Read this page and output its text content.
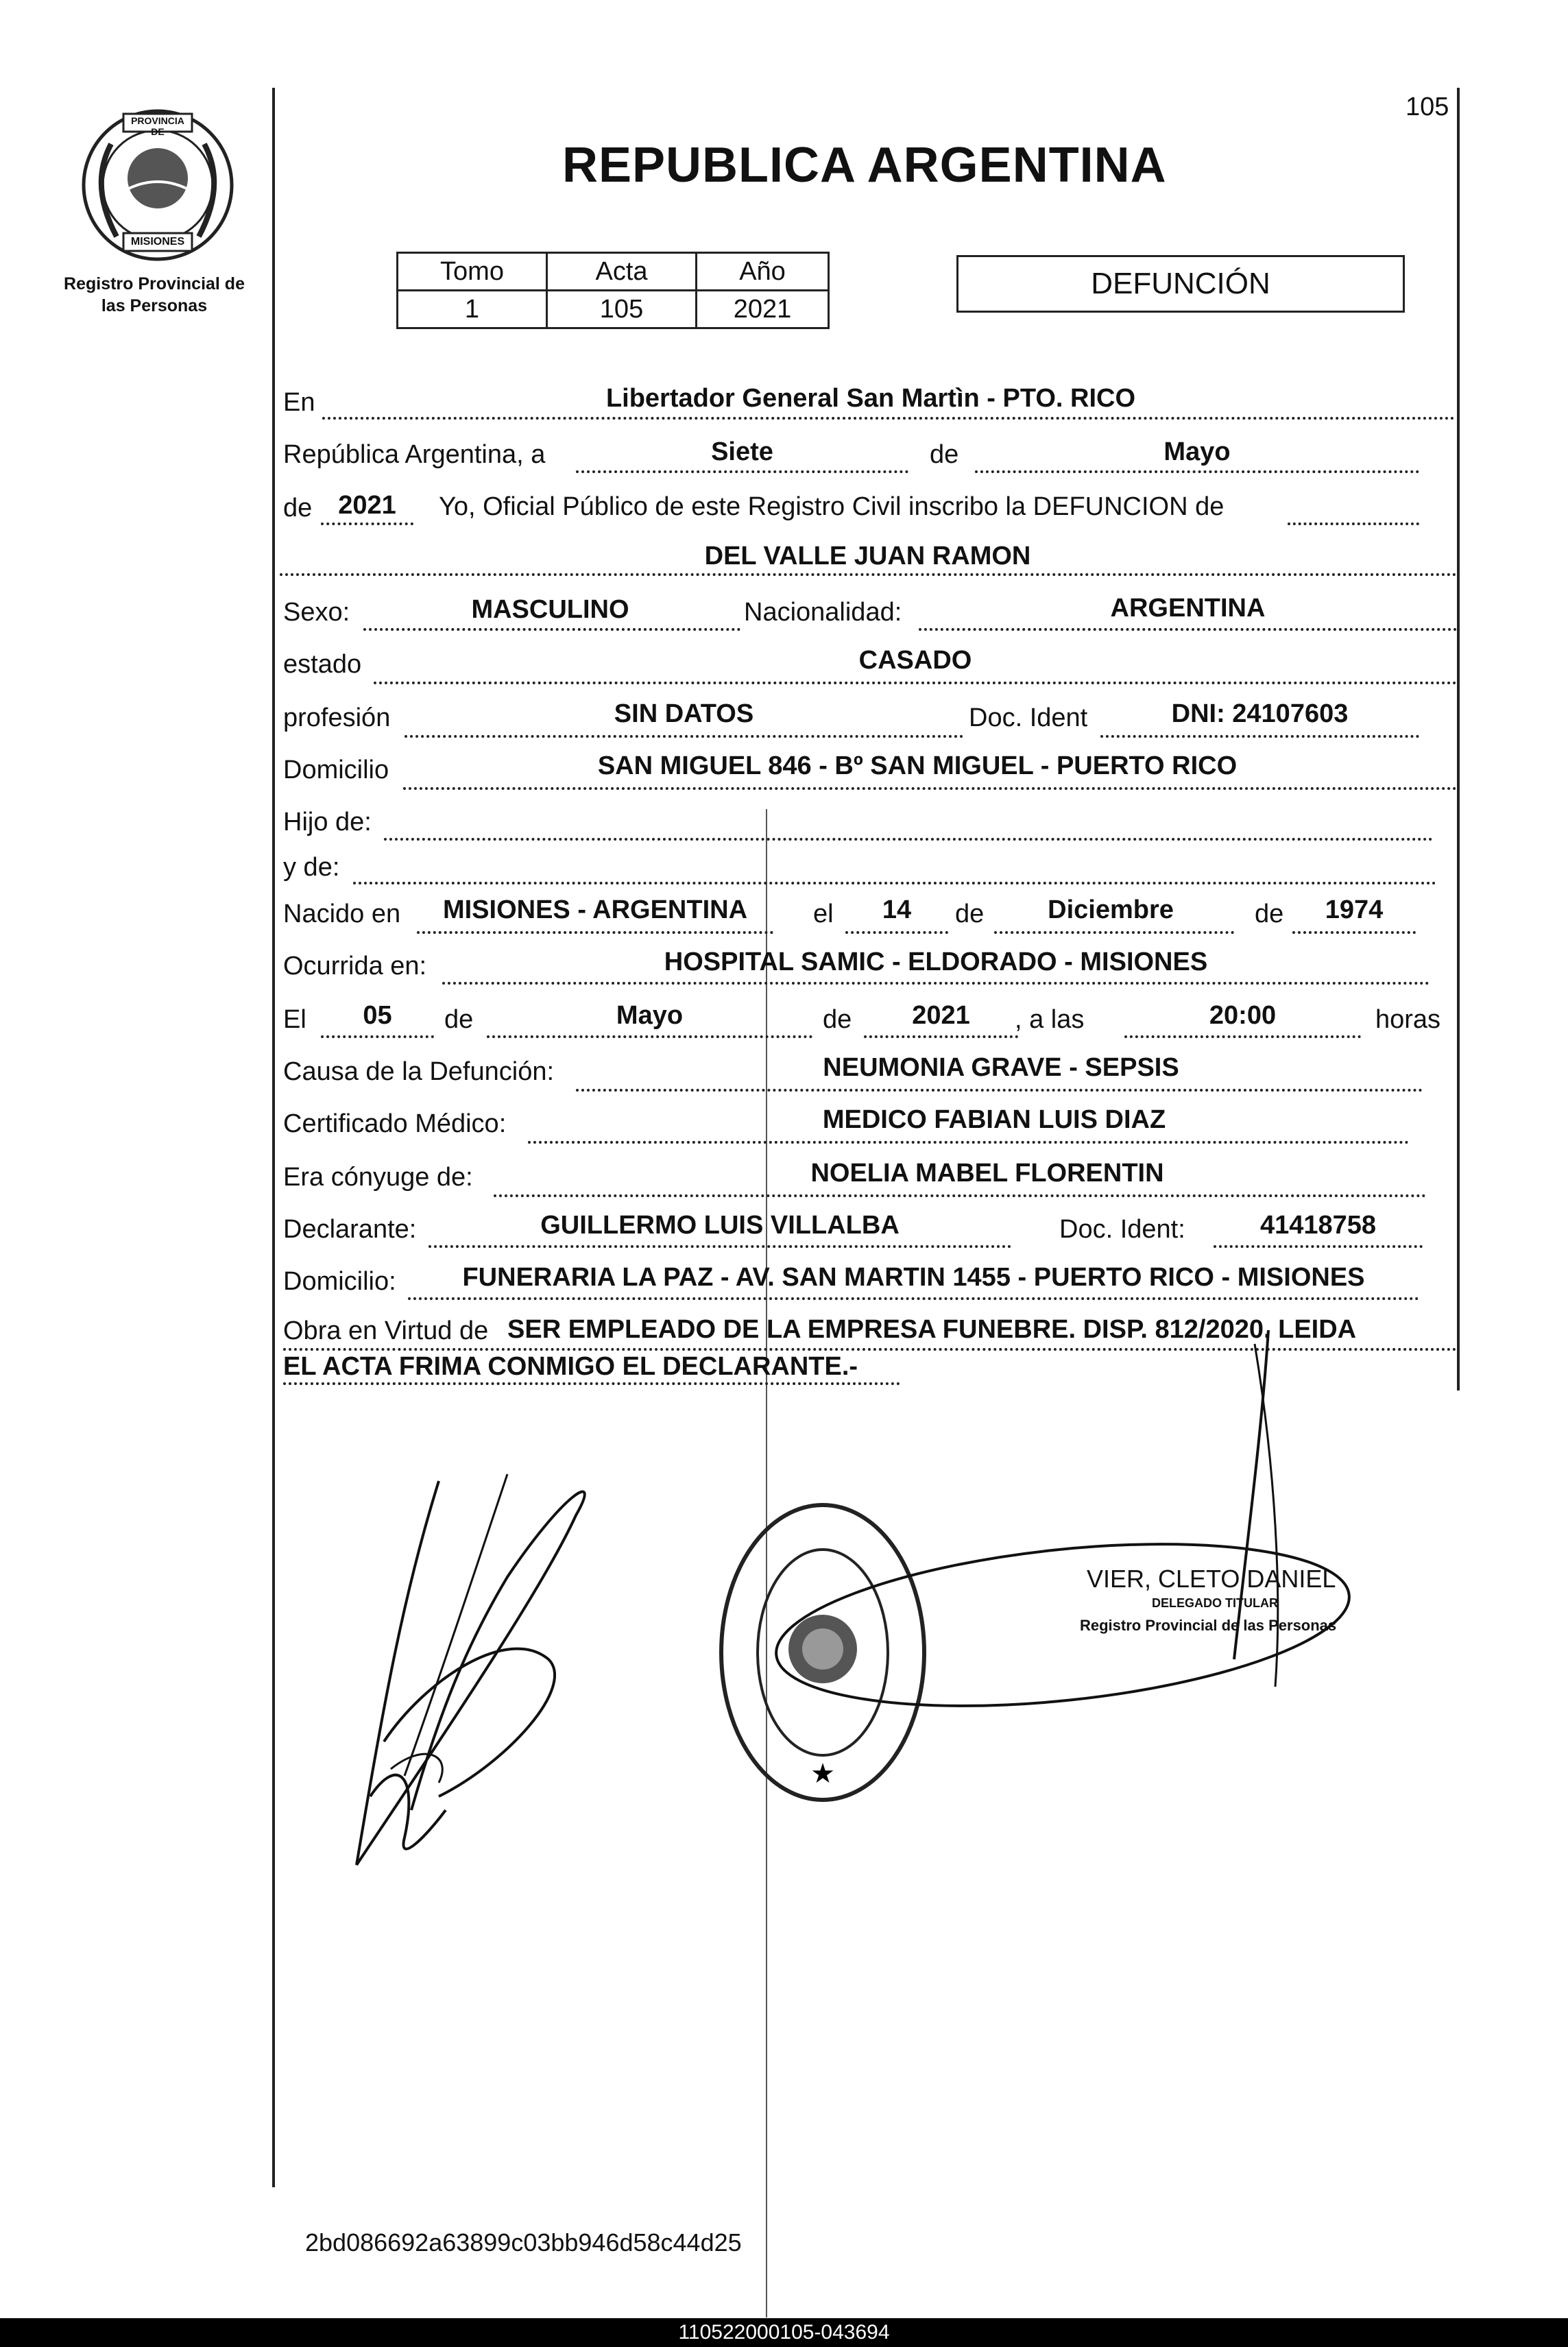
PROVINCIA DE
MISIONES
Registro Provincial de
las Personas
105
REPUBLICA ARGENTINA
Tomo	Acta	Año
1	105	2021
DEFUNCIÓN
En	Libertador General San Martìn - PTO. RICO
República Argentina, a	Siete	de	Mayo
de 2021	Yo, Oficial Público de este Registro Civil inscribo la DEFUNCION de
DEL VALLE JUAN RAMON
Sexo:	MASCULINO	Nacionalidad:	ARGENTINA
estado	CASADO
profesión	SIN DATOS	Doc. Ident	DNI: 24107603
Domicilio	SAN MIGUEL 846 - Bº SAN MIGUEL - PUERTO RICO
Hijo de:
y de:
Nacido en	MISIONES - ARGENTINA	el	14	de	Diciembre	de	1974
Ocurrida en:	HOSPITAL SAMIC - ELDORADO - MISIONES
El	05	de	Mayo	de	2021	, a las	20:00	horas
Causa de la Defunción:	NEUMONIA GRAVE - SEPSIS
Certificado Médico:	MEDICO FABIAN LUIS DIAZ
Era cónyuge de:	NOELIA MABEL FLORENTIN
Declarante:	GUILLERMO LUIS VILLALBA	Doc. Ident:	41418758
Domicilio:	FUNERARIA LA PAZ - AV. SAN MARTIN 1455 - PUERTO RICO - MISIONES
Obra en Virtud de SER EMPLEADO DE LA EMPRESA FUNEBRE. DISP. 812/2020. LEIDA
EL ACTA FRIMA CONMIGO EL DECLARANTE.-
★
VIER, CLETO DANIEL
DELEGADO TITULAR
Registro Provincial de las Personas
2bd086692a63899c03bb946d58c44d25
110522000105-043694
